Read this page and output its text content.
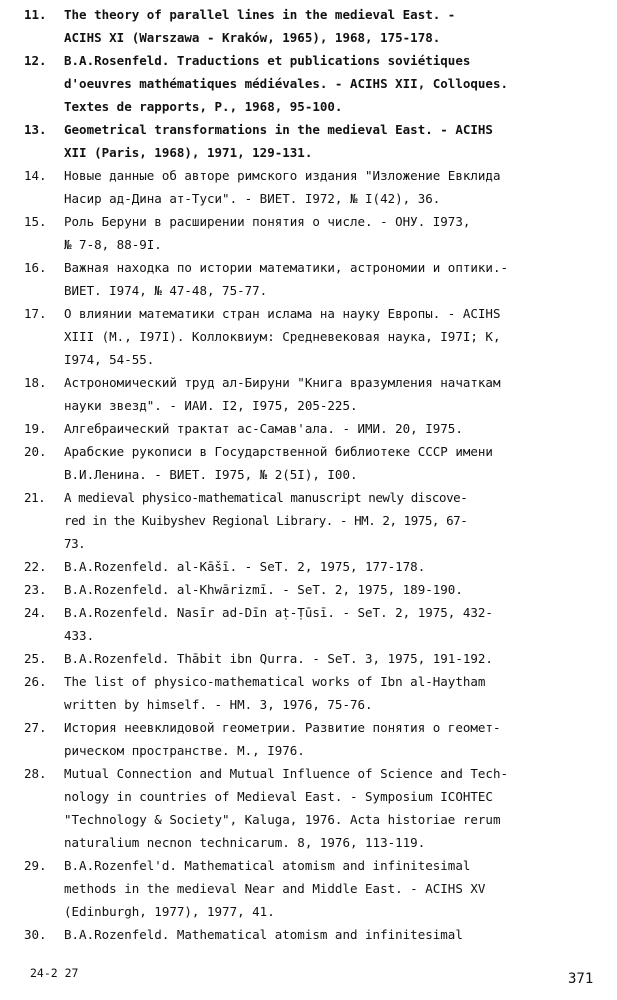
11.	The theory of parallel lines in the medieval East. -
ACIHS XI (Warszawa - Kraków, 1965), 1968, 175-178.
12.	B.A.Rosenfeld. Traductions et publications soviétiques
d'oeuvres mathématiques médiévales. - ACIHS XII, Colloques.
Textes de rapports, P., 1968, 95-100.
13.	Geometrical transformations in the medieval East. - ACIHS
XII (Paris, 1968), 1971, 129-131.
14.	Новые данные об авторе римского издания "Изложение Евклида
Насир ад-Дина ат-Туси". - ВИЕТ. I972, № I(42), 36.
15.	Роль Беруни в расширении понятия о числе. - ОНУ. I973,
№ 7-8, 88-9I.
16.	Важная находка по истории математики, астрономии и оптики.-
ВИЕТ. I974, № 47-48, 75-77.
17.	О влиянии математики стран ислама на науку Европы. - ACIHS
XIII (М., I97I). Коллоквиум: Средневековая наука, I97I; К,
I974, 54-55.
18.	Астрономический труд ал-Бируни "Книга вразумления начаткам
науки звезд". - ИАИ. I2, I975, 205-225.
19.	Алгебраический трактат ас-Самав'ала. - ИМИ. 20, I975.
20.	Арабские рукописи в Государственной библиотеке СССР имени
В.И.Ленина. - ВИЕТ. I975, № 2(5I), I00.
21.	A medieval physico-mathematical manuscript newly discove-
red in the Kuibyshev Regional Library. - HM. 2, 1975, 67-
73.
22.	B.A.Rozenfeld. al-Kāšī. - SeT. 2, 1975, 177-178.
23.	B.A.Rozenfeld. al-Khwārizmī. - SeT. 2, 1975, 189-190.
24.	B.A.Rozenfeld. Nasīr ad-Dīn aṭ-Ṭūsī. - SeT. 2, 1975, 432-
433.
25.	B.A.Rozenfeld. Thābit ibn Qurra. - SeT. 3, 1975, 191-192.
26.	The list of physico-mathematical works of Ibn al-Haytham
written by himself. - HM. 3, 1976, 75-76.
27.	История неевклидовой геометрии. Развитие понятия о геомет-
рическом пространстве. М., I976.
28.	Mutual Connection and Mutual Influence of Science and Tech-
nology in countries of Medieval East. - Symposium ICOHTEC
"Technology & Society", Kaluga, 1976. Acta historiae rerum
naturalium necnon technicarum. 8, 1976, 113-119.
29.	B.A.Rozenfel'd. Mathematical atomism and infinitesimal
methods in the medieval Near and Middle East. - ACIHS XV
(Edinburgh, 1977), 1977, 41.
30.	B.A.Rozenfeld. Mathematical atomism and infinitesimal
24-2 27	371
